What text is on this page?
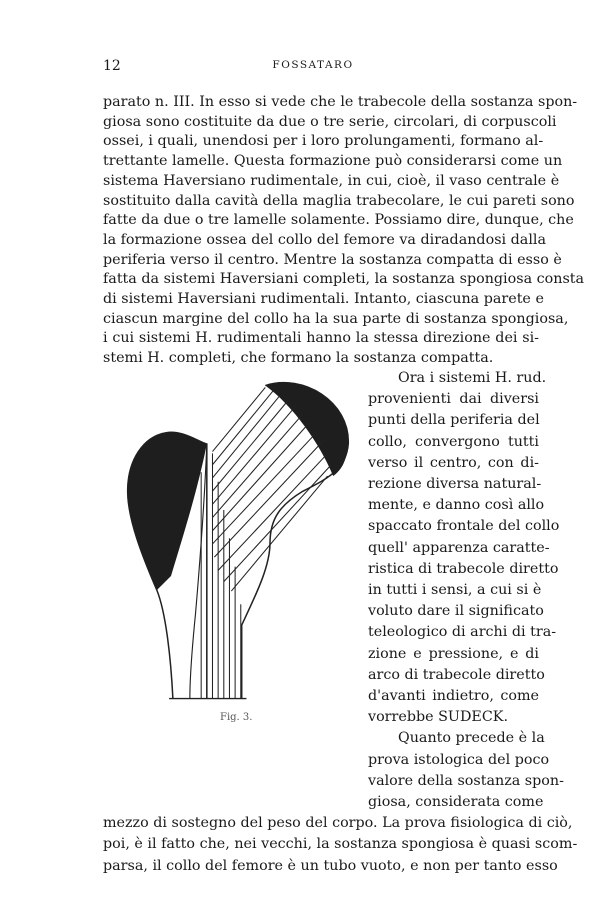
12	FOSSATARO
parato n. III. In esso si vede che le trabecole della sostanza spon-
giosa sono costituite da due o tre serie, circolari, di corpuscoli
ossei, i quali, unendosi per i loro prolungamenti, formano al-
trettante lamelle. Questa formazione può considerarsi come un
sistema Haversiano rudimentale, in cui, cioè, il vaso centrale è
sostituito dalla cavità della maglia trabecolare, le cui pareti sono
fatte da due o tre lamelle solamente. Possiamo dire, dunque, che
la formazione ossea del collo del femore va diradandosi dalla
periferia verso il centro. Mentre la sostanza compatta di esso è
fatta da sistemi Haversiani completi, la sostanza spongiosa consta
di sistemi Haversiani rudimentali. Intanto, ciascuna parete e
ciascun margine del collo ha la sua parte di sostanza spongiosa,
i cui sistemi H. rudimentali hanno la stessa direzione dei si-
stemi H. completi, che formano la sostanza compatta.
Ora i sistemi H. rud.
provenienti dai diversi
punti della periferia del
collo, convergono tutti
verso il centro, con di-
rezione diversa natural-
mente, e danno così allo
spaccato frontale del collo
quell' apparenza caratte-
ristica di trabecole diretto
in tutti i sensi, a cui si è
voluto dare il significato
teleologico di archi di tra-
zione e pressione, e di
arco di trabecole diretto
d'avanti indietro, come
vorrebbe SUDECK.
Quanto precede è la
prova istologica del poco
valore della sostanza spon-
giosa, considerata come
Fig. 3.
mezzo di sostegno del peso del corpo. La prova fisiologica di ciò,
poi, è il fatto che, nei vecchi, la sostanza spongiosa è quasi scom-
parsa, il collo del femore è un tubo vuoto, e non per tanto esso
